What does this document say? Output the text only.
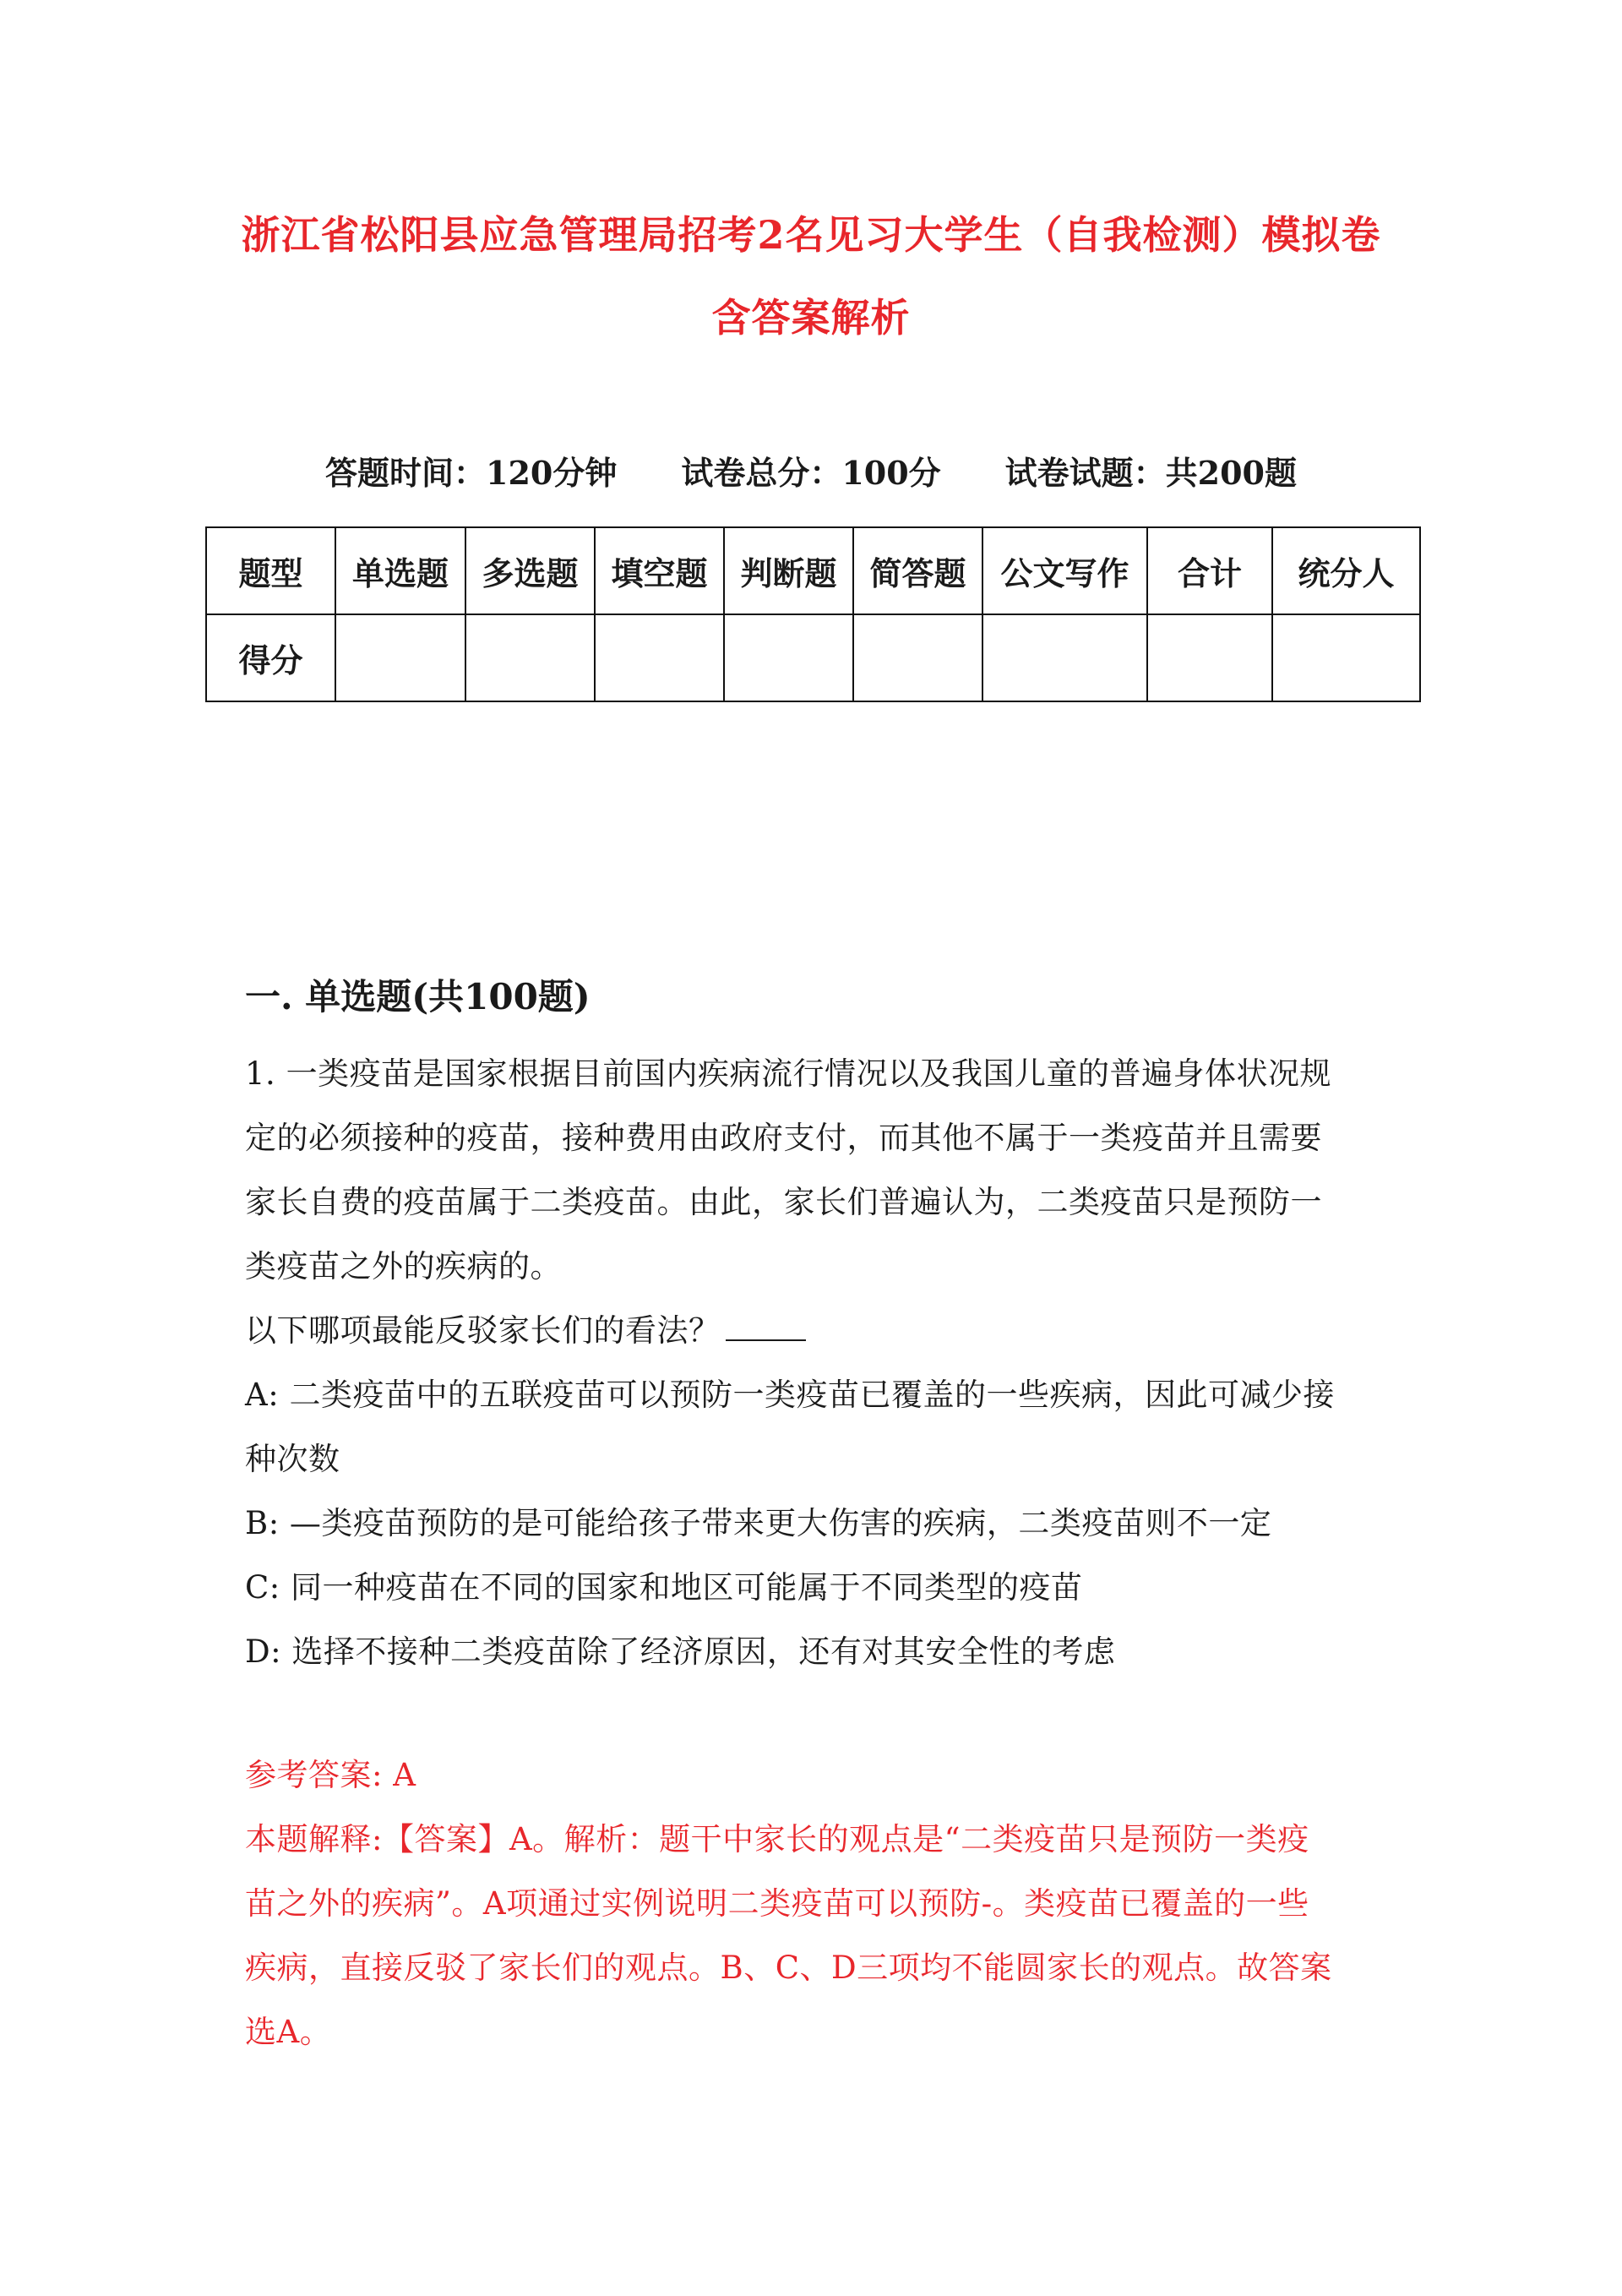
浙江省松阳县应急管理局招考2名见习大学生（自我检测）模拟卷
含答案解析
答题时间：120分钟　　试卷总分：100分　　试卷试题：共200题
题型	单选题	多选题	填空题	判断题	简答题	公文写作	合计	统分人
得分								
一. 单选题(共100题)
1. 一类疫苗是国家根据目前国内疾病流行情况以及我国儿童的普遍身体状况规
定的必须接种的疫苗，接种费用由政府支付，而其他不属于一类疫苗并且需要
家长自费的疫苗属于二类疫苗。由此，家长们普遍认为，二类疫苗只是预防一
类疫苗之外的疾病的。
以下哪项最能反驳家长们的看法？
A: 二类疫苗中的五联疫苗可以预防一类疫苗已覆盖的一些疾病，因此可减少接
种次数
B: —类疫苗预防的是可能给孩子带来更大伤害的疾病，二类疫苗则不一定
C: 同一种疫苗在不同的国家和地区可能属于不同类型的疫苗
D: 选择不接种二类疫苗除了经济原因，还有对其安全性的考虑
参考答案: A
本题解释:【答案】A。解析：题干中家长的观点是“二类疫苗只是预防一类疫
苗之外的疾病”。A项通过实例说明二类疫苗可以预防-。类疫苗已覆盖的一些
疾病，直接反驳了家长们的观点。B、C、D三项均不能圆家长的观点。故答案
选A。
